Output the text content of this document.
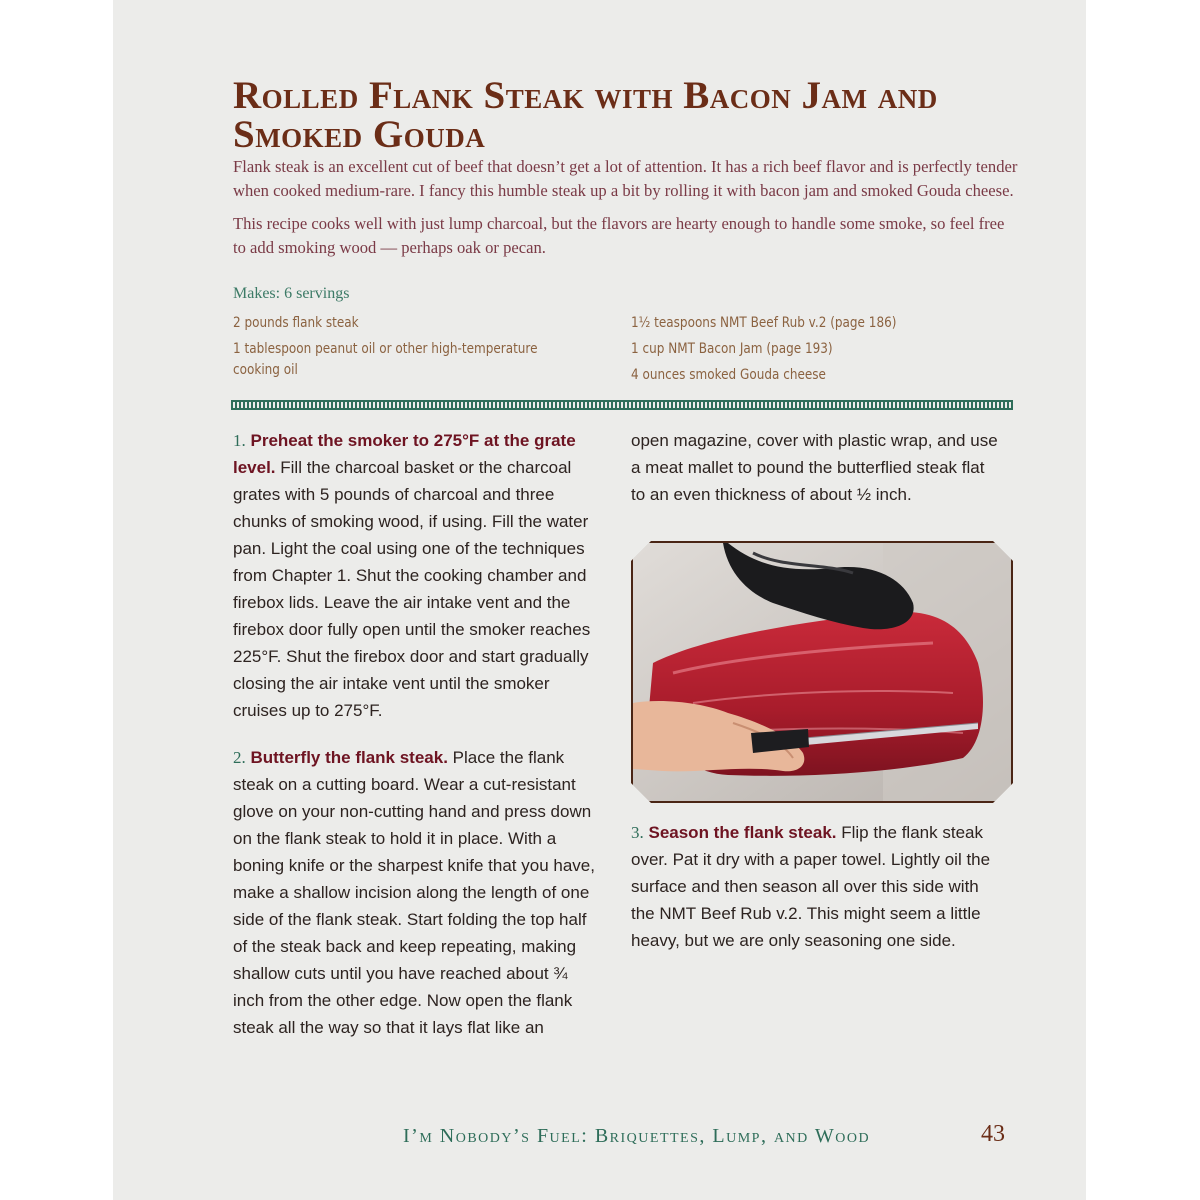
Rolled Flank Steak with Bacon Jam and Smoked Gouda

Flank steak is an excellent cut of beef that doesn’t get a lot of attention. It has a rich beef flavor and is perfectly tender when cooked medium-rare. I fancy this humble steak up a bit by rolling it with bacon jam and smoked Gouda cheese.

This recipe cooks well with just lump charcoal, but the flavors are hearty enough to handle some smoke, so feel free to add smoking wood — perhaps oak or pecan.

Makes: 6 servings
2 pounds flank steak
1 tablespoon peanut oil or other high-temperature cooking oil
1½ teaspoons NMT Beef Rub v.2 (page 186)
1 cup NMT Bacon Jam (page 193)
4 ounces smoked Gouda cheese

1. Preheat the smoker to 275°F at the grate level. Fill the charcoal basket or the charcoal grates with 5 pounds of charcoal and three chunks of smoking wood, if using. Fill the water pan. Light the coal using one of the techniques from Chapter 1. Shut the cooking chamber and firebox lids. Leave the air intake vent and the firebox door fully open until the smoker reaches 225°F. Shut the firebox door and start gradually closing the air intake vent until the smoker cruises up to 275°F.

2. Butterfly the flank steak. Place the flank steak on a cutting board. Wear a cut-resistant glove on your non-cutting hand and press down on the flank steak to hold it in place. With a boning knife or the sharpest knife that you have, make a shallow incision along the length of one side of the flank steak. Start folding the top half of the steak back and keep repeating, making shallow cuts until you have reached about ¾ inch from the other edge. Now open the flank steak all the way so that it lays flat like an

open magazine, cover with plastic wrap, and use a meat mallet to pound the butterflied steak flat to an even thickness of about ½ inch.

3. Season the flank steak. Flip the flank steak over. Pat it dry with a paper towel. Lightly oil the surface and then season all over this side with the NMT Beef Rub v.2. This might seem a little heavy, but we are only seasoning one side.

I’m Nobody’s Fuel: Briquettes, Lump, and Wood	43
